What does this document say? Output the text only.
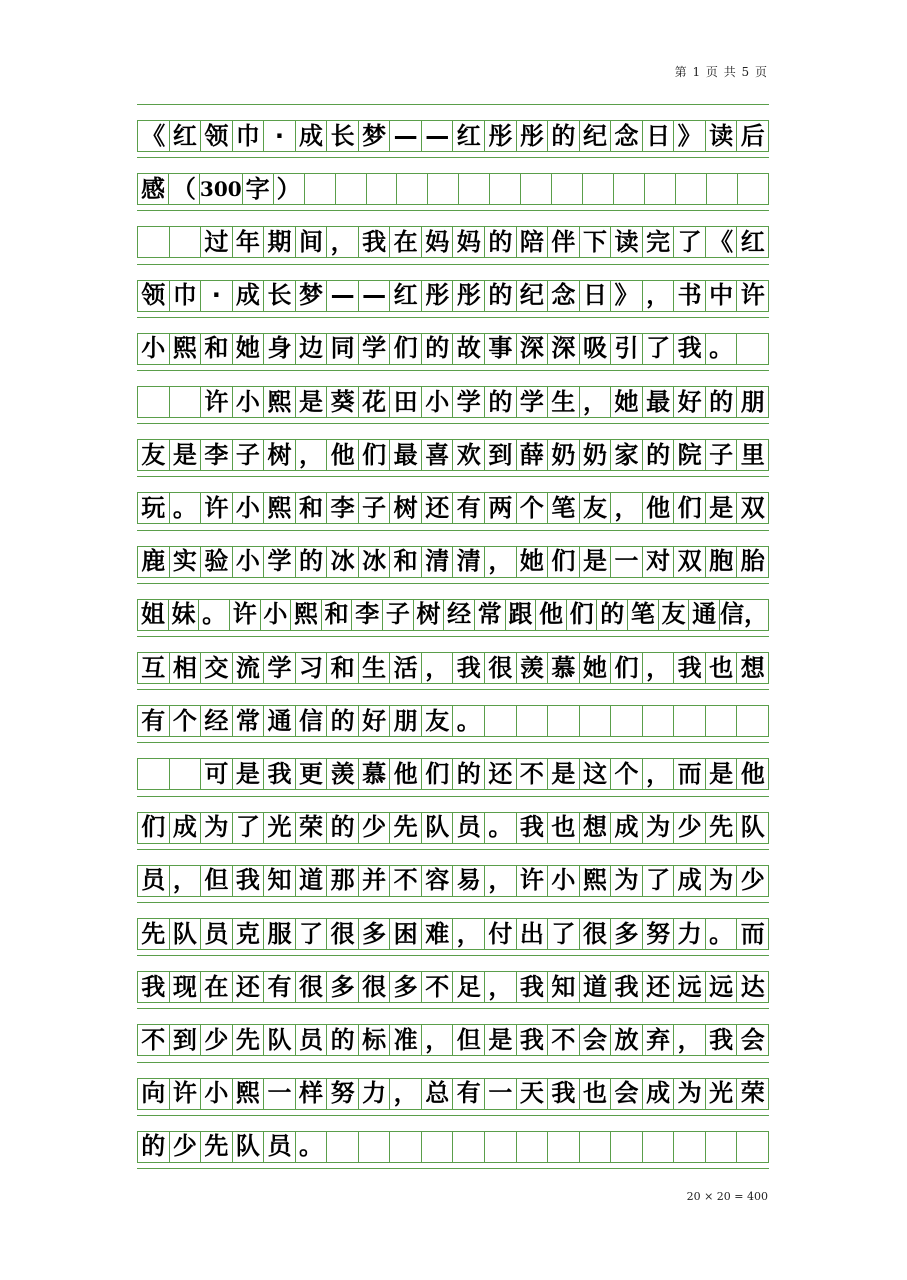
第 1 页 共 5 页
《 红 领 巾 · 成 长 梦 — — 红 彤 彤 的 纪 念 日 》 读 后
感 （ 300 字 ）
过 年 期 间 ， 我 在 妈 妈 的 陪 伴 下 读 完 了 《 红
领 巾 · 成 长 梦 — — 红 彤 彤 的 纪 念 日 》 ， 书 中 许
小 熙 和 她 身 边 同 学 们 的 故 事 深 深 吸 引 了 我 。
许 小 熙 是 葵 花 田 小 学 的 学 生 ， 她 最 好 的 朋
友 是 李 子 树 ， 他 们 最 喜 欢 到 薛 奶 奶 家 的 院 子 里
玩 。 许 小 熙 和 李 子 树 还 有 两 个 笔 友 ， 他 们 是 双
鹿 实 验 小 学 的 冰 冰 和 清 清 ， 她 们 是 一 对 双 胞 胎
姐 妹 。 许 小 熙 和 李 子 树 经 常 跟 他 们 的 笔 友 通 信，
互 相 交 流 学 习 和 生 活 ， 我 很 羡 慕 她 们 ， 我 也 想
有 个 经 常 通 信 的 好 朋 友 。
可 是 我 更 羡 慕 他 们 的 还 不 是 这 个 ， 而 是 他
们 成 为 了 光 荣 的 少 先 队 员 。 我 也 想 成 为 少 先 队
员 ， 但 我 知 道 那 并 不 容 易 ， 许 小 熙 为 了 成 为 少
先 队 员 克 服 了 很 多 困 难 ， 付 出 了 很 多 努 力 。 而
我 现 在 还 有 很 多 很 多 不 足 ， 我 知 道 我 还 远 远 达
不 到 少 先 队 员 的 标 准 ， 但 是 我 不 会 放 弃 ， 我 会
向 许 小 熙 一 样 努 力 ， 总 有 一 天 我 也 会 成 为 光 荣
的 少 先 队 员 。
20 × 20 = 400
